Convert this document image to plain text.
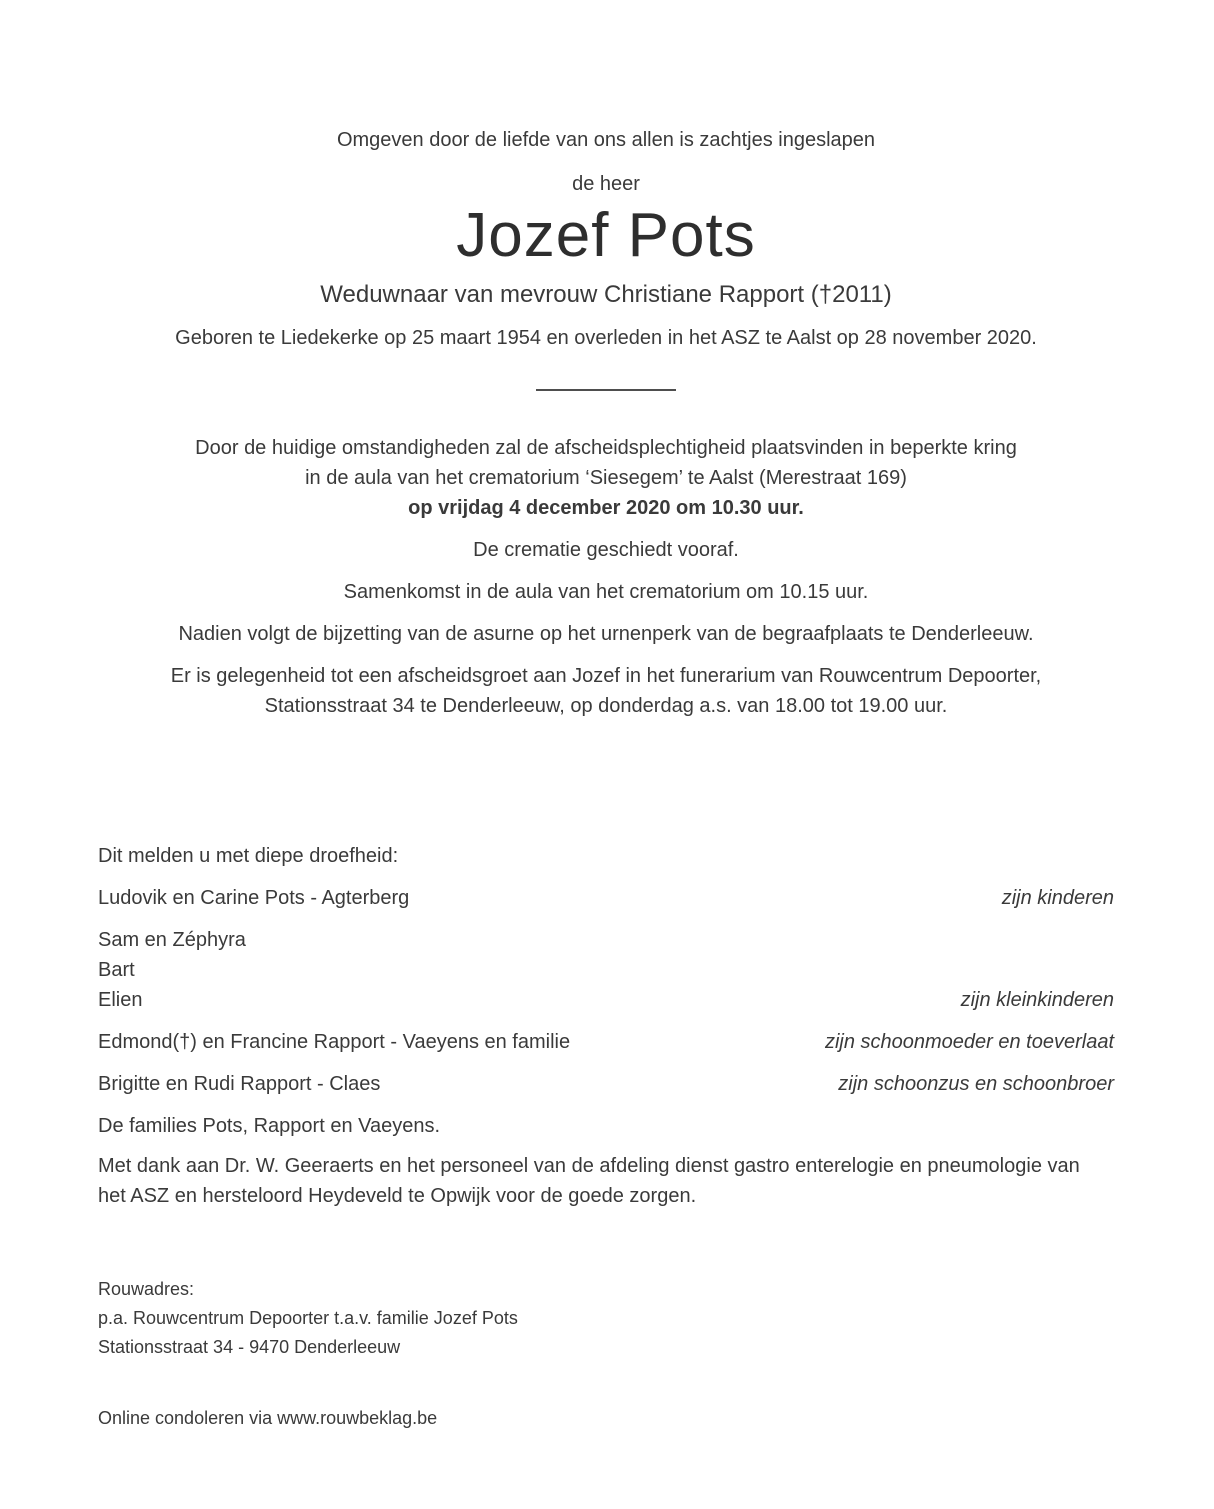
Omgeven door de liefde van ons allen is zachtjes ingeslapen

de heer

Jozef Pots

Weduwnaar van mevrouw Christiane Rapport (†2011)

Geboren te Liedekerke op 25 maart 1954 en overleden in het ASZ te Aalst op 28 november 2020.

Door de huidige omstandigheden zal de afscheidsplechtigheid plaatsvinden in beperkte kring
in de aula van het crematorium ‘Siesegem’ te Aalst (Merestraat 169)
op vrijdag 4 december 2020 om 10.30 uur.

De crematie geschiedt vooraf.

Samenkomst in de aula van het crematorium om 10.15 uur.

Nadien volgt de bijzetting van de asurne op het urnenperk van de begraafplaats te Denderleeuw.

Er is gelegenheid tot een afscheidsgroet aan Jozef in het funerarium van Rouwcentrum Depoorter,
Stationsstraat 34 te Denderleeuw, op donderdag a.s. van 18.00 tot 19.00 uur.

Dit melden u met diepe droefheid:

Ludovik en Carine Pots - Agterberg	zijn kinderen
Sam en Zéphyra
Bart
Elien	zijn kleinkinderen
Edmond(†) en Francine Rapport - Vaeyens en familie	zijn schoonmoeder en toeverlaat
Brigitte en Rudi Rapport - Claes	zijn schoonzus en schoonbroer

De families Pots, Rapport en Vaeyens.

Met dank aan Dr. W. Geeraerts en het personeel van de afdeling dienst gastro enterelogie en pneumologie van
het ASZ en hersteloord Heydeveld te Opwijk voor de goede zorgen.

Rouwadres:

p.a. Rouwcentrum Depoorter t.a.v. familie Jozef Pots

Stationsstraat 34 - 9470 Denderleeuw

Online condoleren via www.rouwbeklag.be
